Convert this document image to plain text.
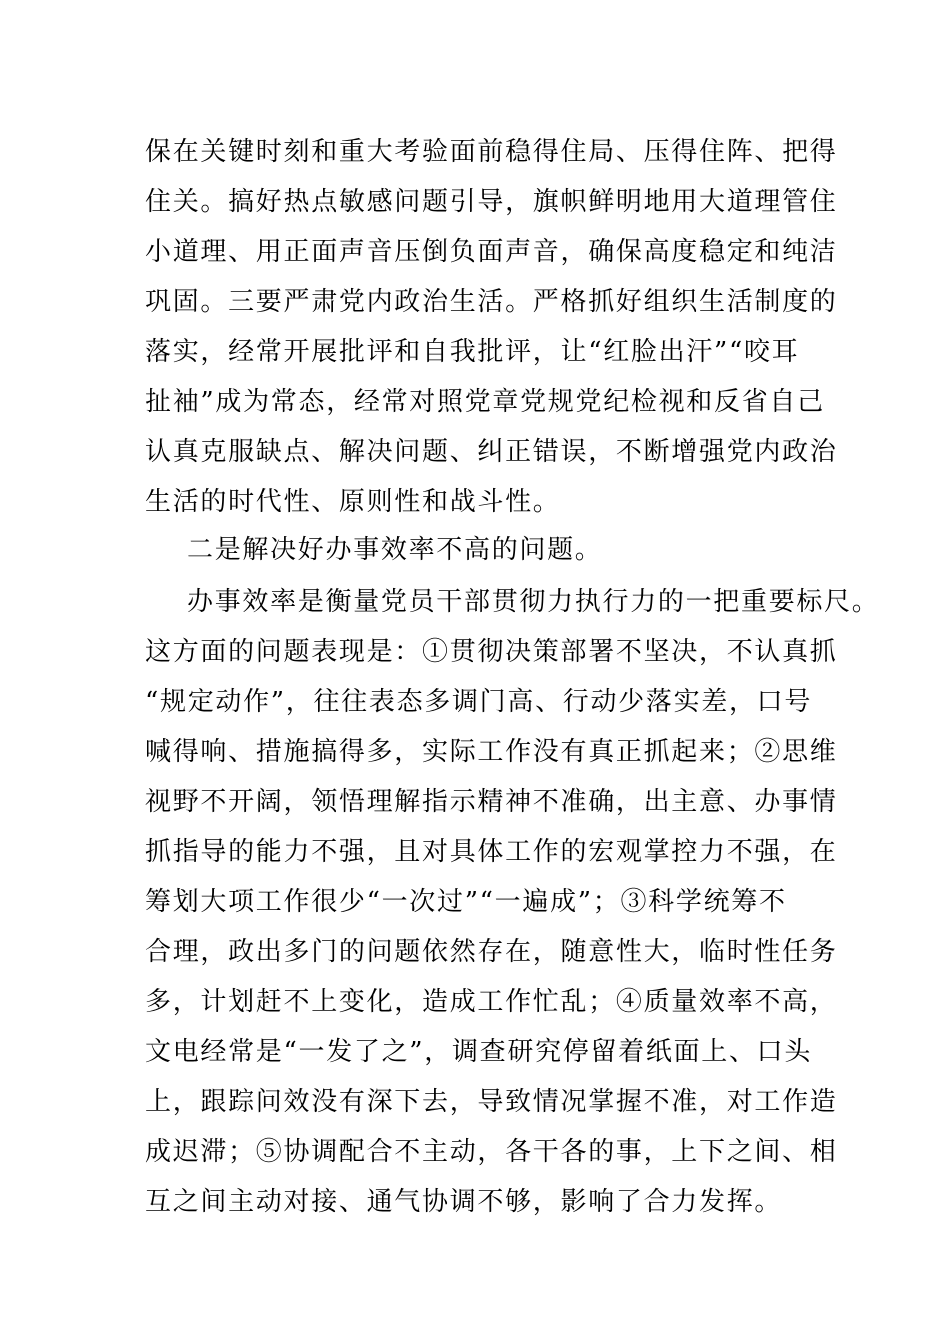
保在关键时刻和重大考验面前稳得住局、压得住阵、把得
住关。搞好热点敏感问题引导，旗帜鲜明地用大道理管住
小道理、用正面声音压倒负面声音，确保高度稳定和纯洁
巩固。三要严肃党内政治生活。严格抓好组织生活制度的
落实，经常开展批评和自我批评，让“红脸出汗”“咬耳
扯袖”成为常态，经常对照党章党规党纪检视和反省自己
认真克服缺点、解决问题、纠正错误，不断增强党内政治
生活的时代性、原则性和战斗性。
二是解决好办事效率不高的问题。
办事效率是衡量党员干部贯彻力执行力的一把重要标尺。
这方面的问题表现是：①贯彻决策部署不坚决，不认真抓
“规定动作”，往往表态多调门高、行动少落实差，口号
喊得响、措施搞得多，实际工作没有真正抓起来；②思维
视野不开阔，领悟理解指示精神不准确，出主意、办事情
抓指导的能力不强，且对具体工作的宏观掌控力不强，在
筹划大项工作很少“一次过”“一遍成”；③科学统筹不
合理，政出多门的问题依然存在，随意性大，临时性任务
多，计划赶不上变化，造成工作忙乱；④质量效率不高，
文电经常是“一发了之”，调查研究停留着纸面上、口头
上，跟踪问效没有深下去，导致情况掌握不准，对工作造
成迟滞；⑤协调配合不主动，各干各的事，上下之间、相
互之间主动对接、通气协调不够，影响了合力发挥。
